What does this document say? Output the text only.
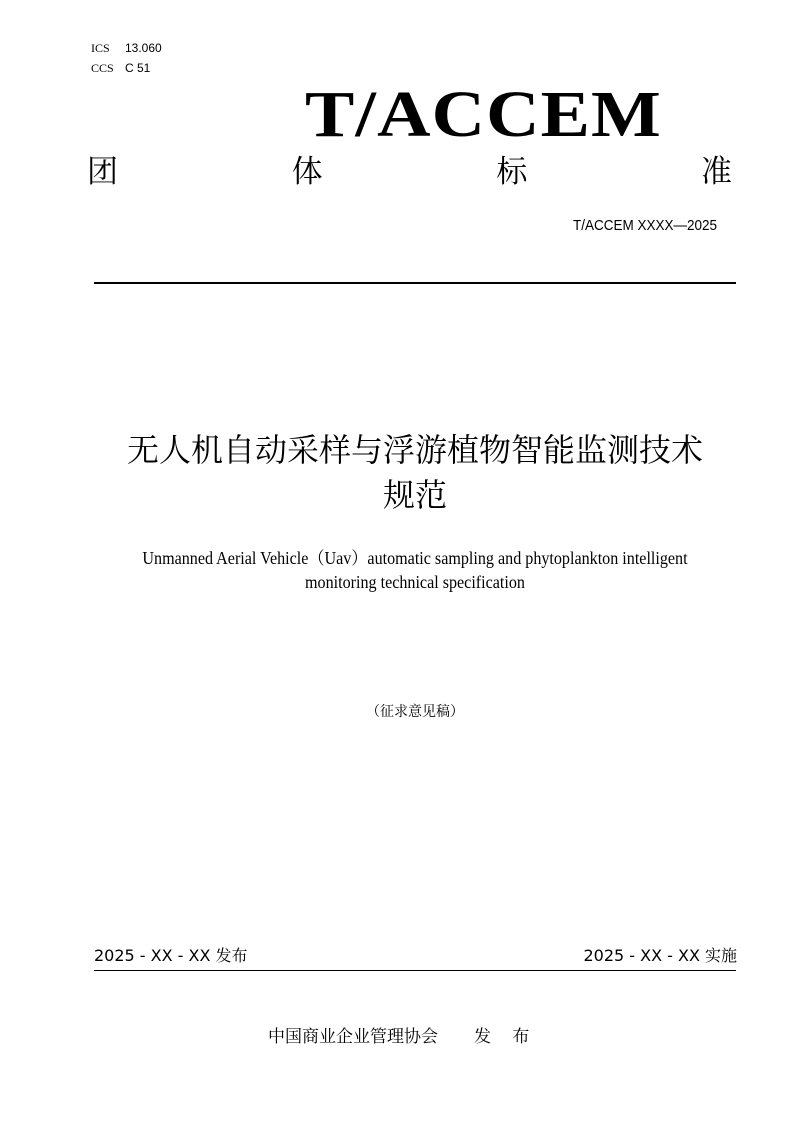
ICS 13.060
CCS C 51
T/ACCEM
团	体	标	准
T/ACCEM XXXX—2025
无人机自动采样与浮游植物智能监测技术
规范
Unmanned Aerial Vehicle（Uav）automatic sampling and phytoplankton intelligent
monitoring technical specification
（征求意见稿）
2025 - XX - XX 发布	2025 - XX - XX 实施
中国商业企业管理协会 发 布
